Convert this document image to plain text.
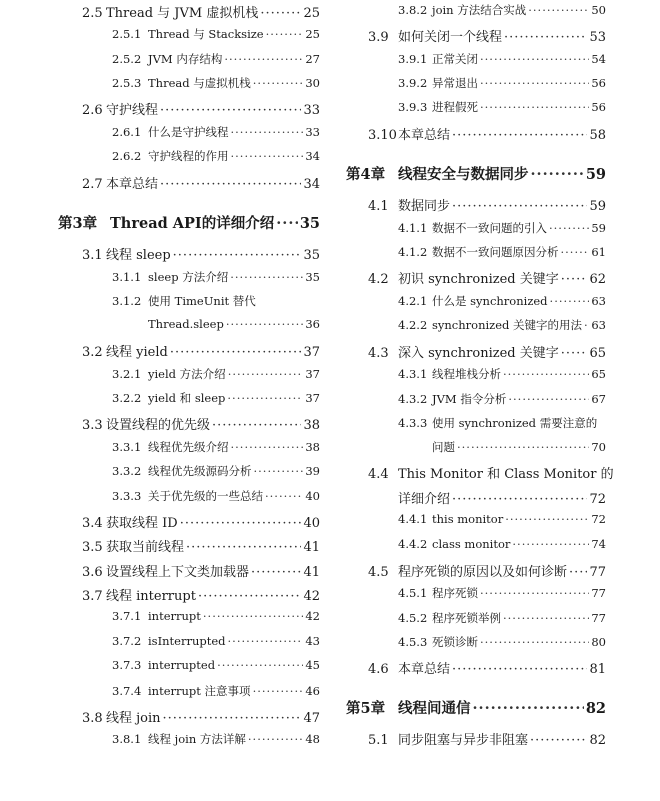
2.5 Thread 与 JVM 虚拟机栈 ·····	25
2.5.1 Thread 与 Stacksize ·····	25
2.5.2 JVM 内存结构 ·····	27
2.5.3 Thread 与虚拟机栈 ·····	30
2.6 守护线程 ·····	33
2.6.1 什么是守护线程 ·····	33
2.6.2 守护线程的作用 ·····	34
2.7 本章总结 ·····	34
第3章 Thread API的详细介绍 ····· 35
3.1 线程 sleep ·····	35
3.1.1 sleep 方法介绍 ·····	35
3.1.2 使用 TimeUnit 替代
Thread.sleep ·····	36
3.2 线程 yield ·····	37
3.2.1 yield 方法介绍 ·····	37
3.2.2 yield 和 sleep ·····	37
3.3 设置线程的优先级 ·····	38
3.3.1 线程优先级介绍 ·····	38
3.3.2 线程优先级源码分析 ·····	39
3.3.3 关于优先级的一些总结 ·····	40
3.4 获取线程 ID ·····	40
3.5 获取当前线程 ·····	41
3.6 设置线程上下文类加载器 ·····	41
3.7 线程 interrupt ·····	42
3.7.1 interrupt ·····	42
3.7.2 isInterrupted ·····	43
3.7.3 interrupted ·····	45
3.7.4 interrupt 注意事项 ·····	46
3.8 线程 join ·····	47
3.8.1 线程 join 方法详解 ·····	48
3.8.2 join 方法结合实战 ·····	50
3.9 如何关闭一个线程 ·····	53
3.9.1 正常关闭 ·····	54
3.9.2 异常退出 ·····	56
3.9.3 进程假死 ·····	56
3.10 本章总结 ·····	58
第4章 线程安全与数据同步 ·····	59
4.1 数据同步 ·····	59
4.1.1 数据不一致问题的引入 ·····	59
4.1.2 数据不一致问题原因分析 ·····	61
4.2 初识 synchronized 关键字 ····· 62
4.2.1 什么是 synchronized ·····	63
4.2.2 synchronized 关键字的用法 ····· 63
4.3 深入 synchronized 关键字 ····· 65
4.3.1 线程堆栈分析 ·····	65
4.3.2 JVM 指令分析 ·····	67
4.3.3 使用 synchronized 需要注意的
问题 ·····	70
4.4 This Monitor 和 Class Monitor 的
详细介绍 ·····	72
4.4.1 this monitor ·····	72
4.4.2 class monitor ·····	74
4.5 程序死锁的原因以及如何诊断 ····· 77
4.5.1 程序死锁 ·····	77
4.5.2 程序死锁举例 ·····	77
4.5.3 死锁诊断 ·····	80
4.6 本章总结 ·····	81
第5章 线程间通信 ·····	82
5.1 同步阻塞与异步非阻塞 ·····	82
